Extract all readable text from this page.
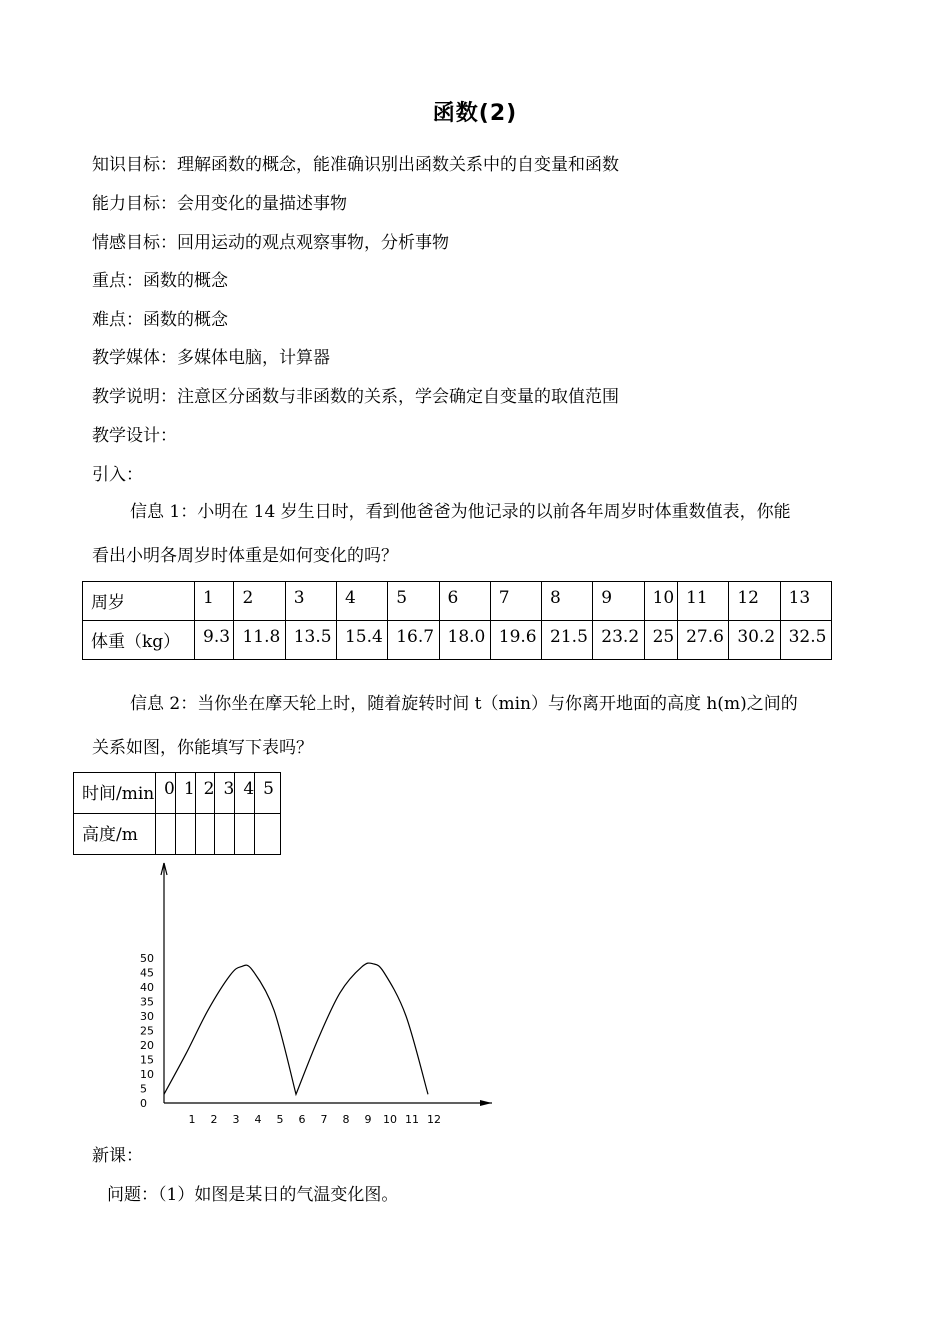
函数(2)
知识目标：理解函数的概念，能准确识别出函数关系中的自变量和函数
能力目标：会用变化的量描述事物
情感目标：回用运动的观点观察事物，分析事物
重点：函数的概念
难点：函数的概念
教学媒体：多媒体电脑，计算器
教学说明：注意区分函数与非函数的关系，学会确定自变量的取值范围
教学设计：
引入：
信息 1：小明在 14 岁生日时，看到他爸爸为他记录的以前各年周岁时体重数值表，你能
看出小明各周岁时体重是如何变化的吗？
周岁	1	2	3	4	5	6	7	8	9	10	11	12	13
体重（kg）	9.3	11.8	13.5	15.4	16.7	18.0	19.6	21.5	23.2	25	27.6	30.2	32.5
信息 2：当你坐在摩天轮上时，随着旋转时间 t（min）与你离开地面的高度 h(m)之间的
关系如图，你能填写下表吗？
时间/min	0	1	2	3	4	5
高度/m						
0
5
10
15
20
25
30
35
40
45
50
1 2 3 4 5 6 7 8 9 10 11 12
新课：
问题：（1）如图是某日的气温变化图。
